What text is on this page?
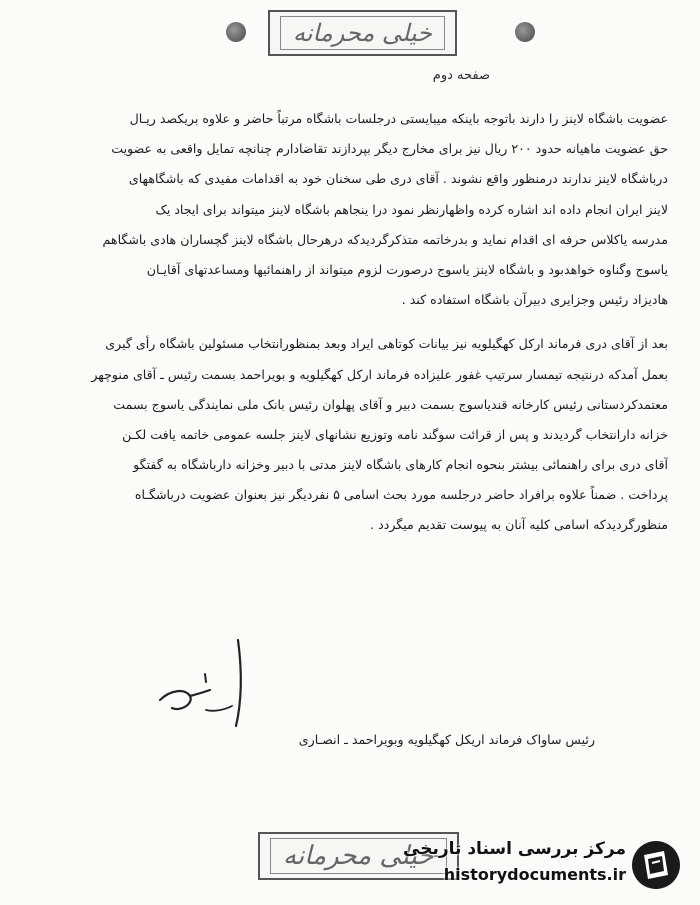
خیلی محرمانه
صفحه دوم
عضویت باشگاه لاینز را دارند باتوجه باینکه میبایستی درجلسات باشگاه مرتباً حاضر و علاوه بریکصد ریـال
حق عضویت ماهیانه حدود ۲۰۰ ریال نیز برای مخارج دیگر بپردازند تقاضادارم چنانچه تمایل واقعی به عضویت
درباشگاه لاینز ندارند درمنظور واقع نشوند . آقای دری طی سخنان خود به اقدامات مفیدی که باشگاههای
لاینز ایران انجام داده اند اشاره کرده واظهارنظر نمود درا ینجاهم باشگاه لاینز میتواند برای ایجاد یک
مدرسه یاکلاس حرفه ای اقدام نماید و بدرخاتمه متذکرگردیدکه درهرحال باشگاه لاینز گچساران هادی باشگاهم
یاسوج وگناوه خواهدبود و باشگاه لاینز یاسوج درصورت لزوم میتواند از راهنمائیها ومساعدتهای آقایـان
هادیزاد رئیس وجزایری دبیرآن باشگاه استفاده کند .
بعد از آقای دری فرماند ارکل کهگیلویه نیز بیانات کوتاهی ایراد وبعد بمنظورانتخاب مسئولین باشگاه رأی گیری
بعمل آمدکه درنتیجه تیمسار سرتیپ غفور علیزاده فرماند ارکل کهگیلویه و بویراحمد بسمت رئیس ـ آقای منوچهر
معتمدکردستانی رئیس کارخانه قندیاسوج بسمت دبیر و آقای پهلوان رئیس بانک ملی نمایندگی یاسوج بسمت
خزانه دارانتخاب گردیدند و پس از قرائت سوگند نامه وتوزیع نشانهای لاینز جلسه عمومی خاتمه یافت لکـن
آقای دری برای راهنمائی بیشتر بنحوه انجام کارهای باشگاه لاینز مدتی با دبیر وخزانه دارباشگاه به گفتگو
پرداخت . ضمناً علاوه برافراد حاضر درجلسه مورد بحث اسامی ۵ نفردیگر نیز بعنوان عضویت درباشگـاه
منظورگردیدکه اسامی کلیه آنان به پیوست تقدیم میگردد .
رئیس ساواک فرماند اریکل کهگیلویه وبویراحمد ـ انصـاری
خیلی محرمانه
مرکز بررسی اسناد تاریخی
historydocuments.ir
